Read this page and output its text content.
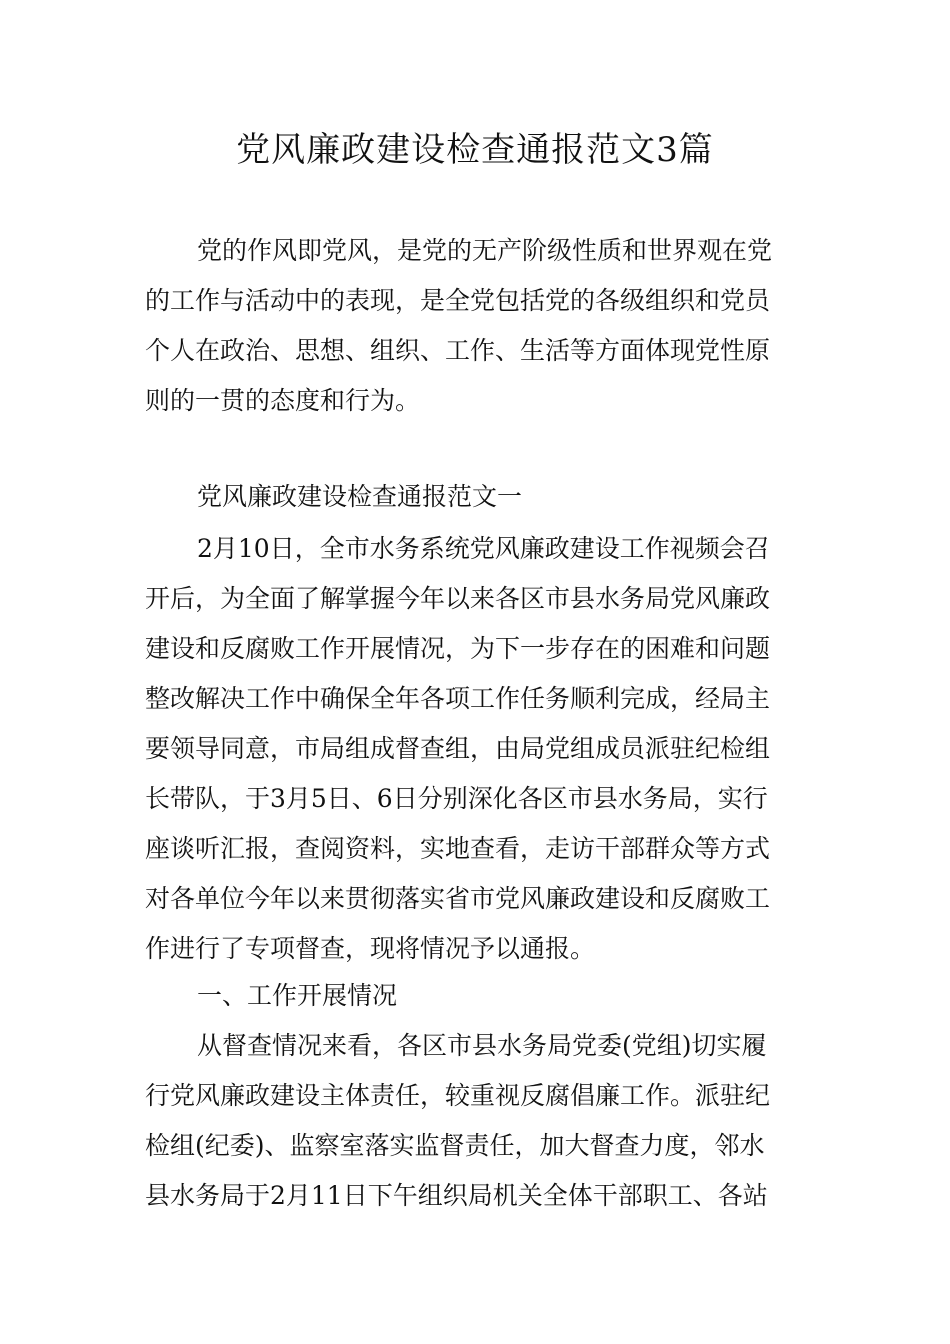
党风廉政建设检查通报范文3篇
党的作风即党风，是党的无产阶级性质和世界观在党
的工作与活动中的表现，是全党包括党的各级组织和党员
个人在政治、思想、组织、工作、生活等方面体现党性原
则的一贯的态度和行为。
党风廉政建设检查通报范文一
2月10日，全市水务系统党风廉政建设工作视频会召
开后，为全面了解掌握今年以来各区市县水务局党风廉政
建设和反腐败工作开展情况，为下一步存在的困难和问题
整改解决工作中确保全年各项工作任务顺利完成，经局主
要领导同意，市局组成督查组，由局党组成员派驻纪检组
长带队，于3月5日、6日分别深化各区市县水务局，实行
座谈听汇报，查阅资料，实地查看，走访干部群众等方式
对各单位今年以来贯彻落实省市党风廉政建设和反腐败工
作进行了专项督查，现将情况予以通报。
一、工作开展情况
从督查情况来看，各区市县水务局党委(党组)切实履
行党风廉政建设主体责任，较重视反腐倡廉工作。派驻纪
检组(纪委)、监察室落实监督责任，加大督查力度，邻水
县水务局于2月11日下午组织局机关全体干部职工、各站
